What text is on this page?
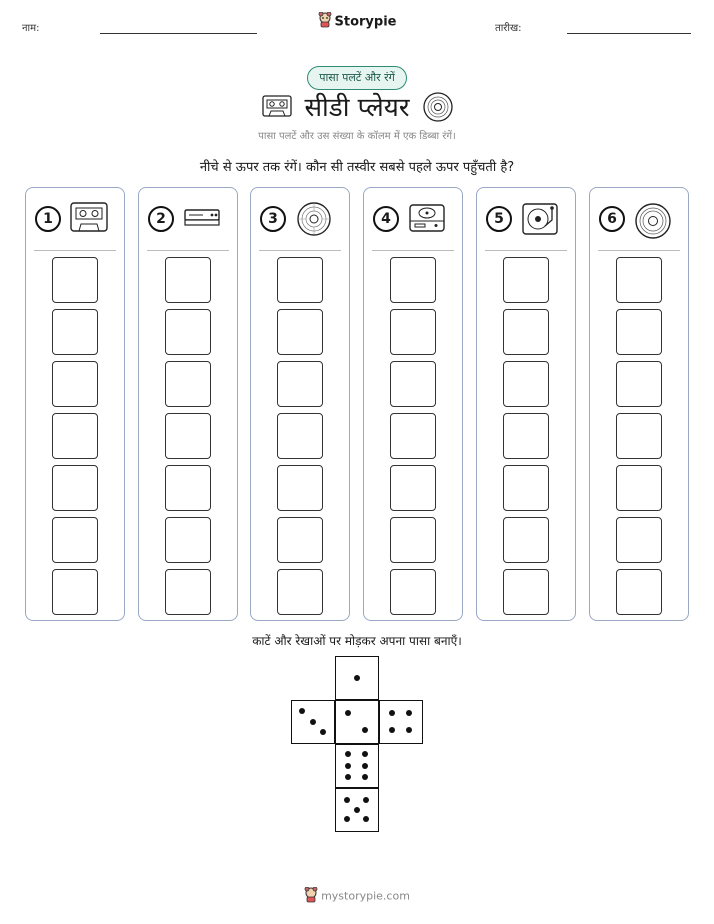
नाम:	Storypie	तारीख:
पासा पलटें और रंगें
सीडी प्लेयर
पासा पलटें और उस संख्या के कॉलम में एक डिब्बा रंगें।
नीचे से ऊपर तक रंगें। कौन सी तस्वीर सबसे पहले ऊपर पहुँचती है?
1	2	3	4	5	6
काटें और रेखाओं पर मोड़कर अपना पासा बनाएँ।
mystorypie.com
